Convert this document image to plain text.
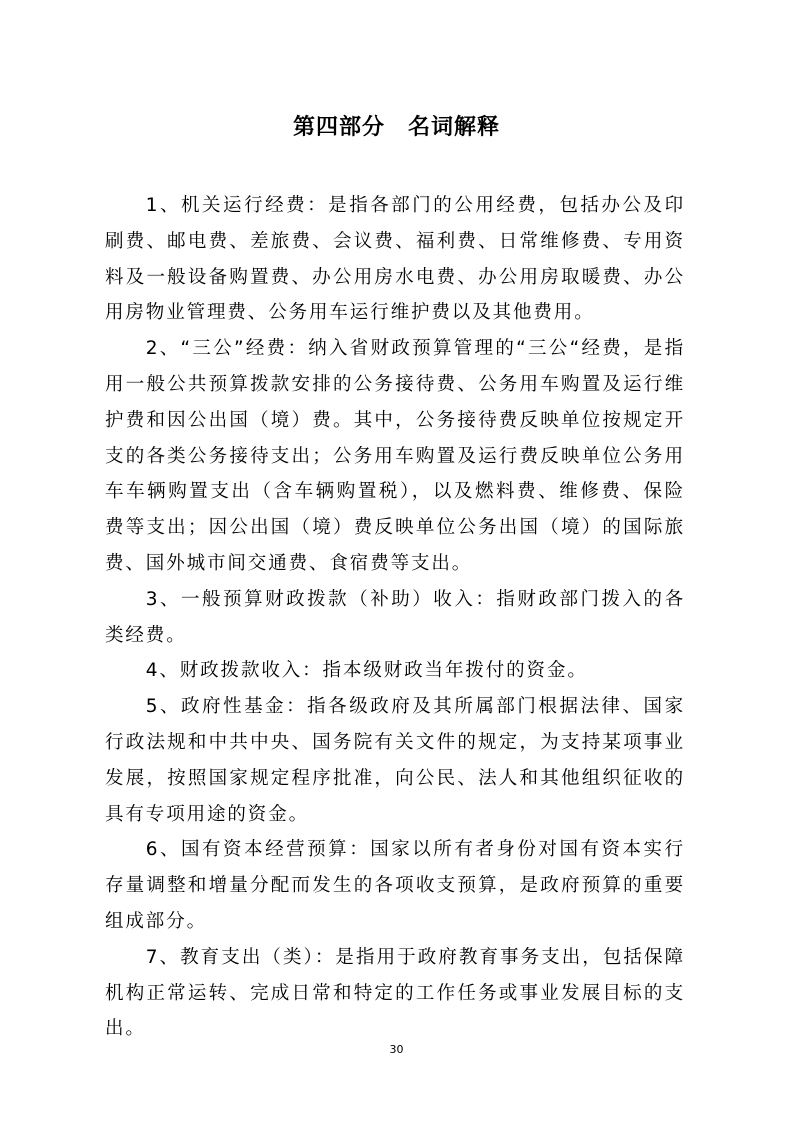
第四部分　名词解释

1、机关运行经费：是指各部门的公用经费，包括办公及印刷费、邮电费、差旅费、会议费、福利费、日常维修费、专用资料及一般设备购置费、办公用房水电费、办公用房取暖费、办公用房物业管理费、公务用车运行维护费以及其他费用。

2、“三公”经费：纳入省财政预算管理的“三公“经费，是指用一般公共预算拨款安排的公务接待费、公务用车购置及运行维护费和因公出国（境）费。其中，公务接待费反映单位按规定开支的各类公务接待支出；公务用车购置及运行费反映单位公务用车车辆购置支出（含车辆购置税），以及燃料费、维修费、保险费等支出；因公出国（境）费反映单位公务出国（境）的国际旅费、国外城市间交通费、食宿费等支出。

3、一般预算财政拨款（补助）收入：指财政部门拨入的各类经费。

4、财政拨款收入：指本级财政当年拨付的资金。

5、政府性基金：指各级政府及其所属部门根据法律、国家行政法规和中共中央、国务院有关文件的规定，为支持某项事业发展，按照国家规定程序批准，向公民、法人和其他组织征收的具有专项用途的资金。

6、国有资本经营预算：国家以所有者身份对国有资本实行存量调整和增量分配而发生的各项收支预算，是政府预算的重要组成部分。

7、教育支出（类）：是指用于政府教育事务支出，包括保障机构正常运转、完成日常和特定的工作任务或事业发展目标的支出。

30
